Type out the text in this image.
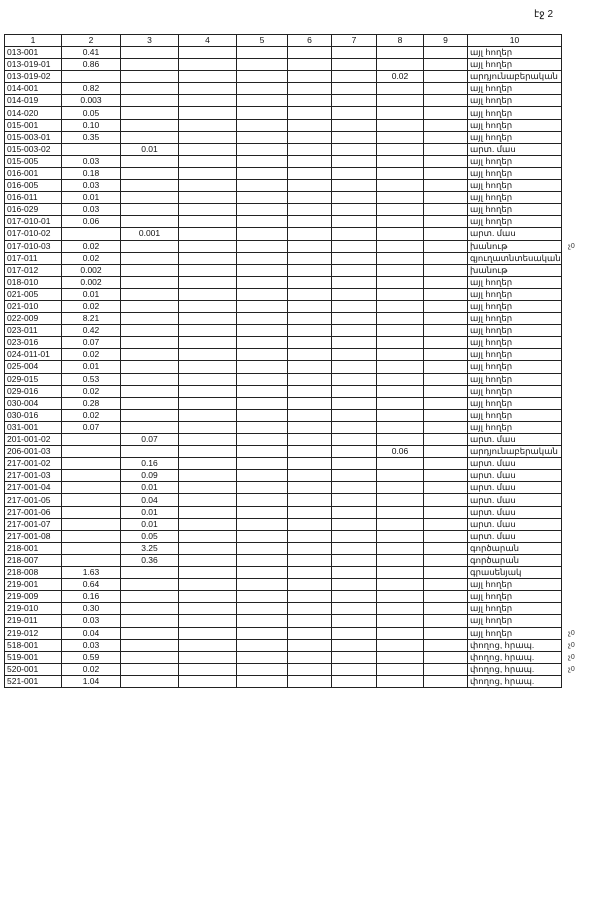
էջ 2
1	2	3	4	5	6	7	8	9	10
013-001	0.41								այլ հողեր
013-019-01	0.86								այլ հողեր
013-019-02							0.02		արդյունաբերական
014-001	0.82								այլ հողեր
014-019	0.003								այլ հողեր
014-020	0.05								այլ հողեր
015-001	0.10								այլ հողեր
015-003-01	0.35								այլ հողեր
015-003-02		0.01							արտ. մաս
015-005	0.03								այլ հողեր
016-001	0.18								այլ հողեր
016-005	0.03								այլ հողեր
016-011	0.01								այլ հողեր
016-029	0.03								այլ հողեր
017-010-01	0.06								այլ հողեր
017-010-02		0.001							արտ. մաս
017-010-03	0.02								խանութ
017-011	0.02								գյուղատնտեսական
017-012	0.002								խանութ
018-010	0.002								այլ հողեր
021-005	0.01								այլ հողեր
021-010	0.02								այլ հողեր
022-009	8.21								այլ հողեր
023-011	0.42								այլ հողեր
023-016	0.07								այլ հողեր
024-011-01	0.02								այլ հողեր
025-004	0.01								այլ հողեր
029-015	0.53								այլ հողեր
029-016	0.02								այլ հողեր
030-004	0.28								այլ հողեր
030-016	0.02								այլ հողեր
031-001	0.07								այլ հողեր
201-001-02		0.07							արտ. մաս
206-001-03							0.06		արդյունաբերական
217-001-02		0.16							արտ. մաս
217-001-03		0.09							արտ. մաս
217-001-04		0.01							արտ. մաս
217-001-05		0.04							արտ. մաս
217-001-06		0.01							արտ. մաս
217-001-07		0.01							արտ. մաս
217-001-08		0.05							արտ. մաս
218-001		3.25							գործարան
218-007		0.36							գործարան
218-008	1.63								գրասենյակ
219-001	0.64								այլ հողեր
219-009	0.16								այլ հողեր
219-010	0.30								այլ հողեր
219-011	0.03								այլ հողեր
219-012	0.04								այլ հողեր
518-001	0.03								փողոց, հրապ.
519-001	0.59								փողոց, հրապ.
520-001	0.02								փողոց, հրապ.
521-001	1.04								փողոց, հրապ.
չ0
չ0
չ0
չ0
չ0
